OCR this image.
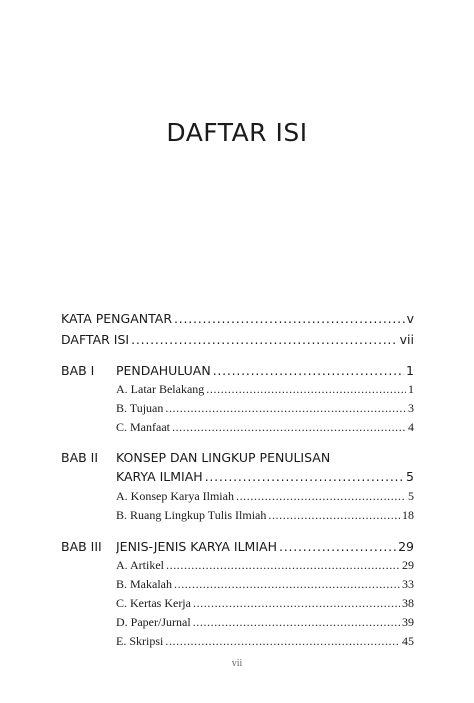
DAFTAR ISI
KATA PENGANTAR . . .	v
DAFTAR ISI . . .	vii
BAB I PENDAHULUAN . . .	1
A. Latar Belakang . . .	1
B. Tujuan . . .	3
C. Manfaat . . .	4
BAB II KONSEP DAN LINGKUP PENULISAN
KARYA ILMIAH . . .	5
A. Konsep Karya Ilmiah . . .	5
B. Ruang Lingkup Tulis Ilmiah . . .	18
BAB III JENIS-JENIS KARYA ILMIAH . . .	29
A. Artikel . . .	29
B. Makalah . . .	33
C. Kertas Kerja . . .	38
D. Paper/Jurnal . . .	39
E. Skripsi . . .	45
vii
